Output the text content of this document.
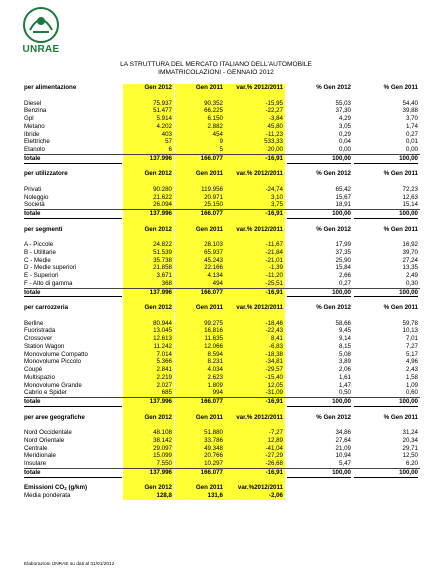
UNRAE
LA STRUTTURA DEL MERCATO ITALIANO DELL'AUTOMOBILE
IMMATRICOLAZIONI - GENNAIO 2012
per alimentazione	Gen 2012	Gen 2011	var.% 2012/2011	% Gen 2012	% Gen 2011
Diesel	75.937	90.352	-15,95	55,03	54,40
Benzina	51.477	66.225	-22,27	37,30	39,88
Gpl	5.914	6.150	-3,84	4,29	3,70
Metano	4.202	2.882	45,80	3,05	1,74
Ibride	403	454	-11,23	0,29	0,27
Elettriche	57	9	533,33	0,04	0,01
Etanolo	6	5	20,00	0,00	0,00
totale	137.996	166.077	-16,91	100,00	100,00
per utilizzatore	Gen 2012	Gen 2011	var.% 2012/2011	% Gen 2012	% Gen 2011
Privati	90.280	119.956	-24,74	65,42	72,23
Noleggio	21.622	20.971	3,10	15,67	12,63
Società	26.094	25.150	3,75	18,91	15,14
totale	137.996	166.077	-16,91	100,00	100,00
per segmenti	Gen 2012	Gen 2011	var.% 2012/2011	% Gen 2012	% Gen 2011
A - Piccole	24.822	28.103	-11,67	17,99	16,92
B - Utilitarie	51.539	65.937	-21,84	37,35	39,70
C - Medie	35.738	45.243	-21,01	25,90	27,24
D - Medie superiori	21.858	22.166	-1,39	15,84	13,35
E - Superiori	3.671	4.134	-11,20	2,66	2,49
F - Alto di gamma	368	494	-25,51	0,27	0,30
totale	137.996	166.077	-16,91	100,00	100,00
per carrozzeria	Gen 2012	Gen 2011	var.% 2012/2011	% Gen 2012	% Gen 2011
Berline	80.944	99.275	-18,46	58,66	59,78
Fuoristrada	13.045	16.816	-22,43	9,45	10,13
Crossover	12.613	11.635	8,41	9,14	7,01
Station Wagon	11.242	12.066	-6,83	8,15	7,27
Monovolume Compatto	7.014	8.594	-18,38	5,08	5,17
Monovolume Piccolo	5.366	8.231	-34,81	3,89	4,96
Coupé	2.841	4.034	-29,57	2,06	2,43
Multispazio	2.219	2.623	-15,40	1,61	1,58
Monovolume Grande	2.027	1.809	12,05	1,47	1,09
Cabrio e Spider	685	994	-31,09	0,50	0,60
totale	137.996	166.077	-16,91	100,00	100,00
per aree geografiche	Gen 2012	Gen 2011	var.% 2012/2011	% Gen 2012	% Gen 2011
Nord Occidentale	48.108	51.880	-7,27	34,86	31,24
Nord Orientale	38.142	33.786	12,89	27,64	20,34
Centrale	29.097	49.348	-41,04	21,09	29,71
Meridionale	15.099	20.766	-27,29	10,94	12,50
Insulare	7.550	10.297	-26,68	5,47	6,20
totale	137.996	166.077	-16,91	100,00	100,00
Emissioni $CO_2$ (g/km)	Gen 2012	Gen 2011	var.%2012/2011
Media ponderata	128,8	131,6	-2,06
Elaborazioni UNRAE su dati al 31/01/2012
